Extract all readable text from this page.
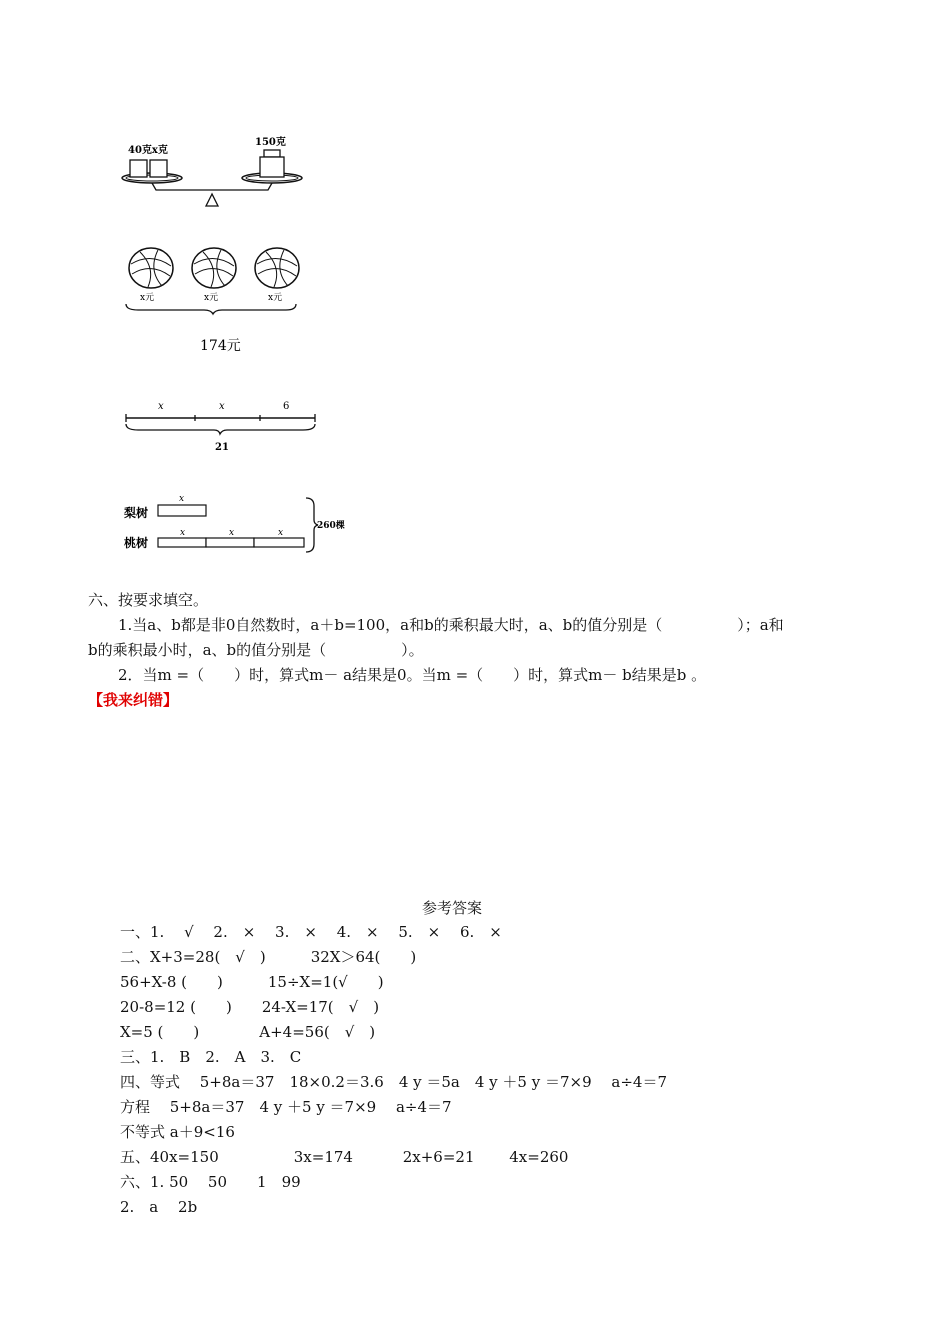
40克x克
150克
x元	x元	x元
174元
x	x	6
21
梨树
桃树
x
x	x	x
260棵
六、按要求填空。
1.当a、b都是非0自然数时，a＋b=100，a和b的乘积最大时，a、b的值分别是（　　　　　）；a和
b的乘积最小时，a、b的值分别是（　　　　　）。
2．当m =（　　）时，算式m－ a结果是0。当m =（　　）时，算式m－ b结果是b 。
【我来纠错】
参考答案
一、1.　 √　 2.　×　 3.　×　 4.　×　 5.　×　 6.　×
二、X+3=28(　√　)　　　32X＞64(　　)
56+X-8 (　　)　　　15÷X=1(√　　)
20-8=12 (　　)　　24-X=17(　√　)
X=5 (　　)　　　　A+4=56(　√　)
三、1.　B　2.　A　3.　C
四、等式　 5+8a＝37　18×0.2＝3.6　4 y ＝5a　4 y ＋5 y ＝7×9　 a÷4＝7
方程　 5+8a＝37　4 y ＋5 y ＝7×9　 a÷4＝7
不等式 a＋9<16
五、40x=150　　　　　3x=174　　　 2x+6=21　　 4x=260
六、1. 50　 50　　1　99
2.　a　 2b
